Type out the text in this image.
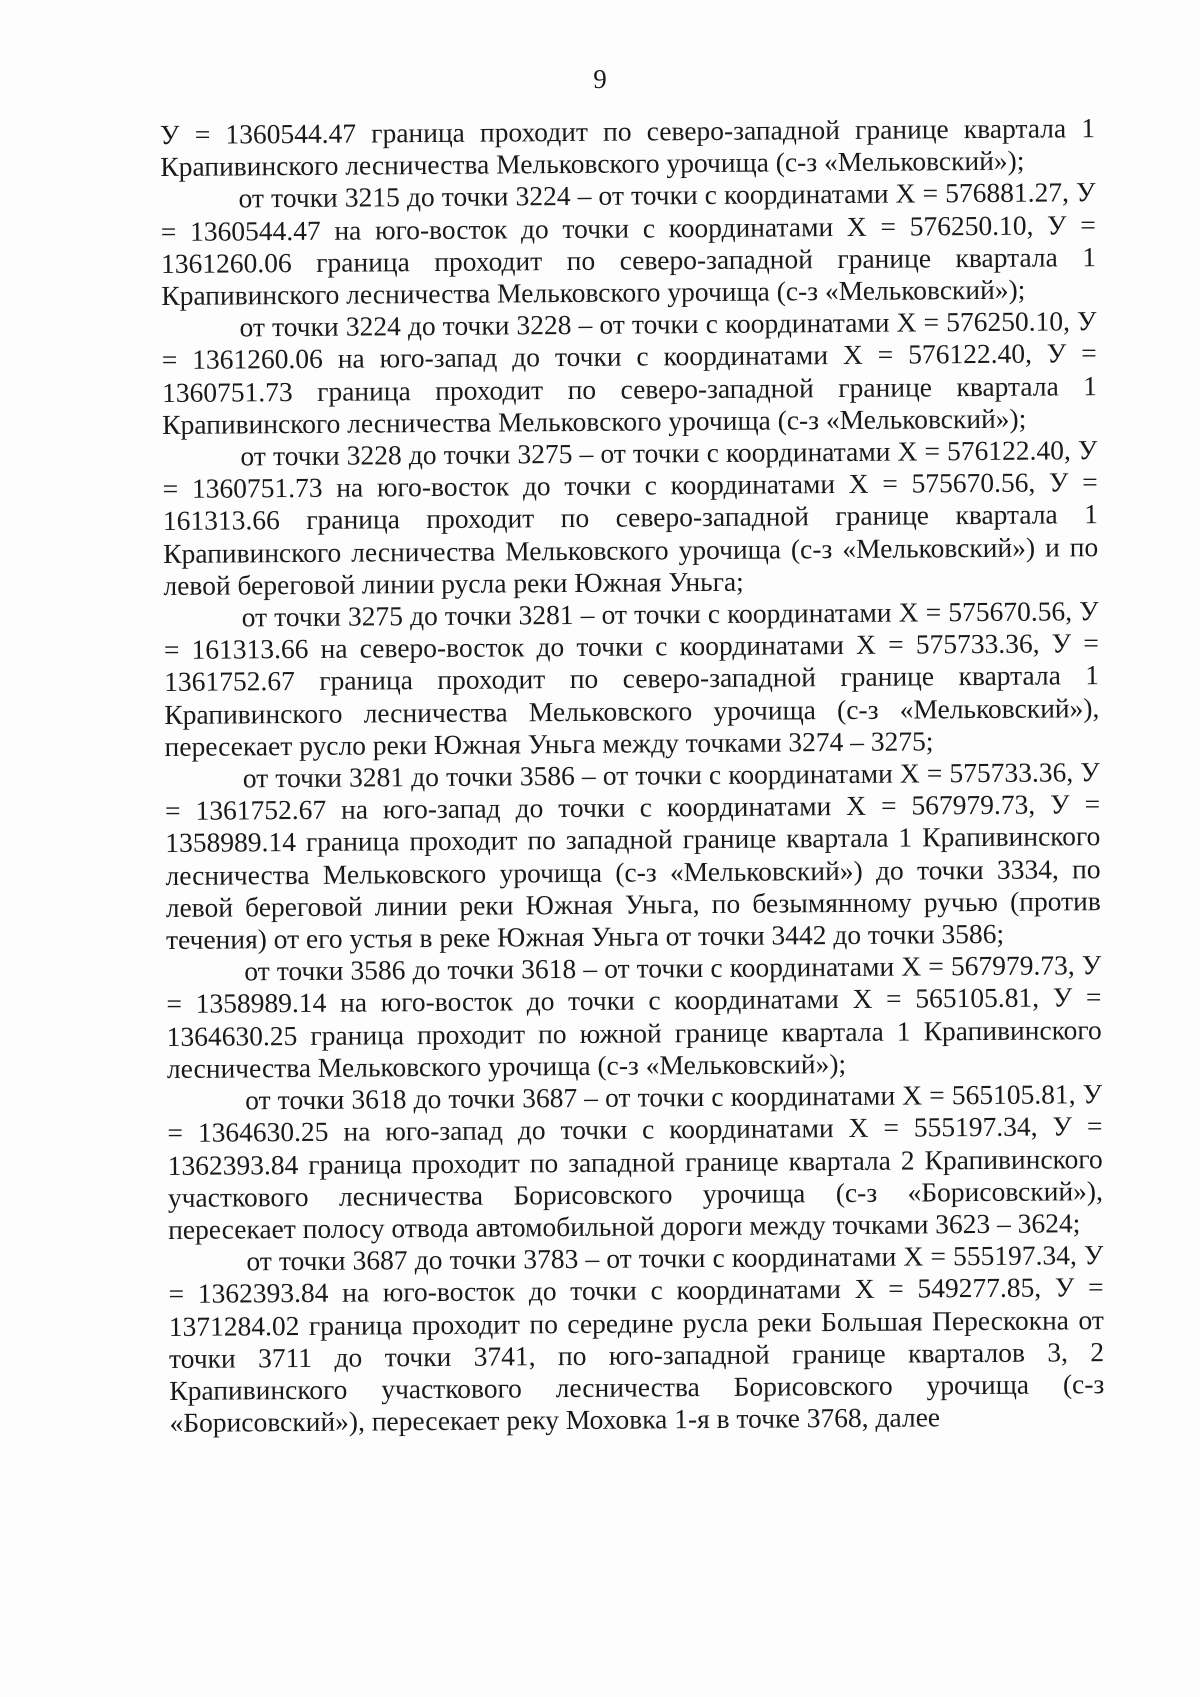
9

У = 1360544.47 граница проходит по северо-западной границе квартала 1 Крапивинского лесничества Мельковского урочища (с-з «Мельковский»);

от точки 3215 до точки 3224 – от точки с координатами Х = 576881.27, У = 1360544.47 на юго-восток до точки с координатами Х = 576250.10, У = 1361260.06 граница проходит по северо-западной границе квартала 1 Крапивинского лесничества Мельковского урочища (с-з «Мельковский»);

от точки 3224 до точки 3228 – от точки с координатами Х = 576250.10, У = 1361260.06 на юго-запад до точки с координатами Х = 576122.40, У = 1360751.73 граница проходит по северо-западной границе квартала 1 Крапивинского лесничества Мельковского урочища (с-з «Мельковский»);

от точки 3228 до точки 3275 – от точки с координатами Х = 576122.40, У = 1360751.73 на юго-восток до точки с координатами Х = 575670.56, У = 161313.66 граница проходит по северо-западной границе квартала 1 Крапивинского лесничества Мельковского урочища (с-з «Мельковский») и по левой береговой линии русла реки Южная Уньга;

от точки 3275 до точки 3281 – от точки с координатами Х = 575670.56, У = 161313.66 на северо-восток до точки с координатами Х = 575733.36, У = 1361752.67 граница проходит по северо-западной границе квартала 1 Крапивинского лесничества Мельковского урочища (с-з «Мельковский»), пересекает русло реки Южная Уньга между точками 3274 – 3275;

от точки 3281 до точки 3586 – от точки с координатами Х = 575733.36, У = 1361752.67 на юго-запад до точки с координатами Х = 567979.73, У = 1358989.14 граница проходит по западной границе квартала 1 Крапивинского лесничества Мельковского урочища (с-з «Мельковский») до точки 3334, по левой береговой линии реки Южная Уньга, по безымянному ручью (против течения) от его устья в реке Южная Уньга от точки 3442 до точки 3586;

от точки 3586 до точки 3618 – от точки с координатами Х = 567979.73, У = 1358989.14 на юго-восток до точки с координатами Х = 565105.81, У = 1364630.25 граница проходит по южной границе квартала 1 Крапивинского лесничества Мельковского урочища (с-з «Мельковский»);

от точки 3618 до точки 3687 – от точки с координатами Х = 565105.81, У = 1364630.25 на юго-запад до точки с координатами Х = 555197.34, У = 1362393.84 граница проходит по западной границе квартала 2 Крапивинского участкового лесничества Борисовского урочища (с-з «Борисовский»), пересекает полосу отвода автомобильной дороги между точками 3623 – 3624;

от точки 3687 до точки 3783 – от точки с координатами Х = 555197.34, У = 1362393.84 на юго-восток до точки с координатами Х = 549277.85, У = 1371284.02 граница проходит по середине русла реки Большая Перескокна от точки 3711 до точки 3741, по юго-западной границе кварталов 3, 2 Крапивинского участкового лесничества Борисовского урочища (с-з «Борисовский»), пересекает реку Моховка 1-я в точке 3768, далее
